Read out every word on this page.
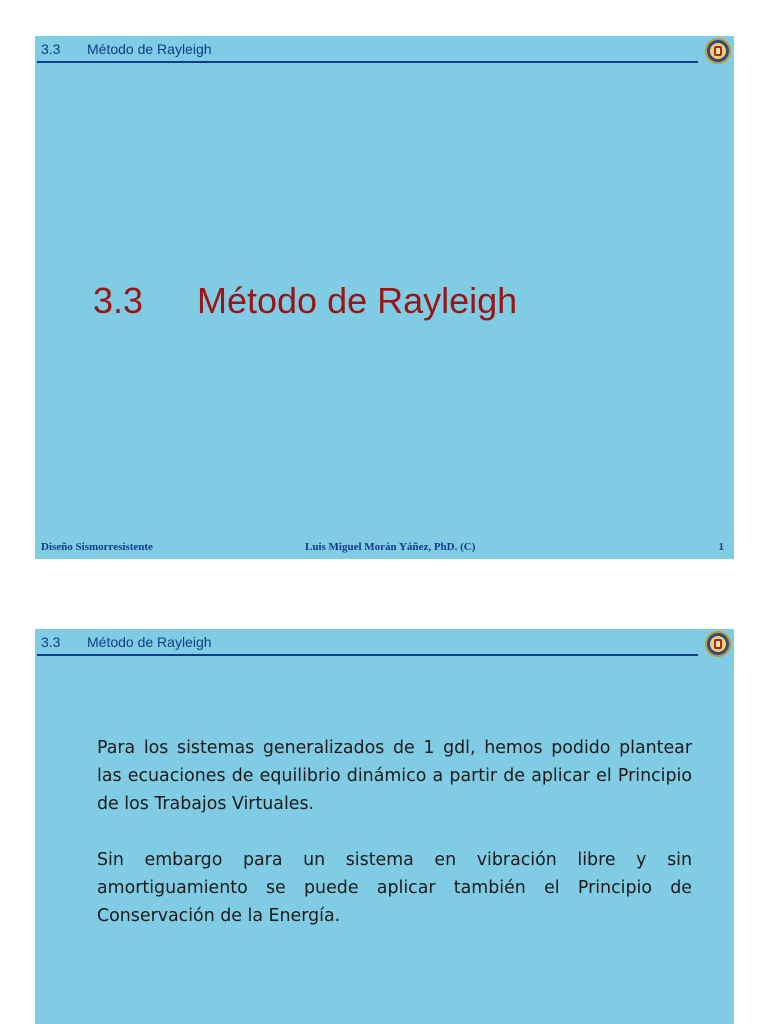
3.3 Método de Rayleigh
3.3 Método de Rayleigh
Diseño Sismorresistente	Luis Miguel Morán Yáñez, PhD. (C)	1
3.3 Método de Rayleigh

Para los sistemas generalizados de 1 gdl, hemos podido plantear las ecuaciones de equilibrio dinámico a partir de aplicar el Principio de los Trabajos Virtuales.

Sin embargo para un sistema en vibración libre y sin amortiguamiento se puede aplicar también el Principio de Conservación de la Energía.
